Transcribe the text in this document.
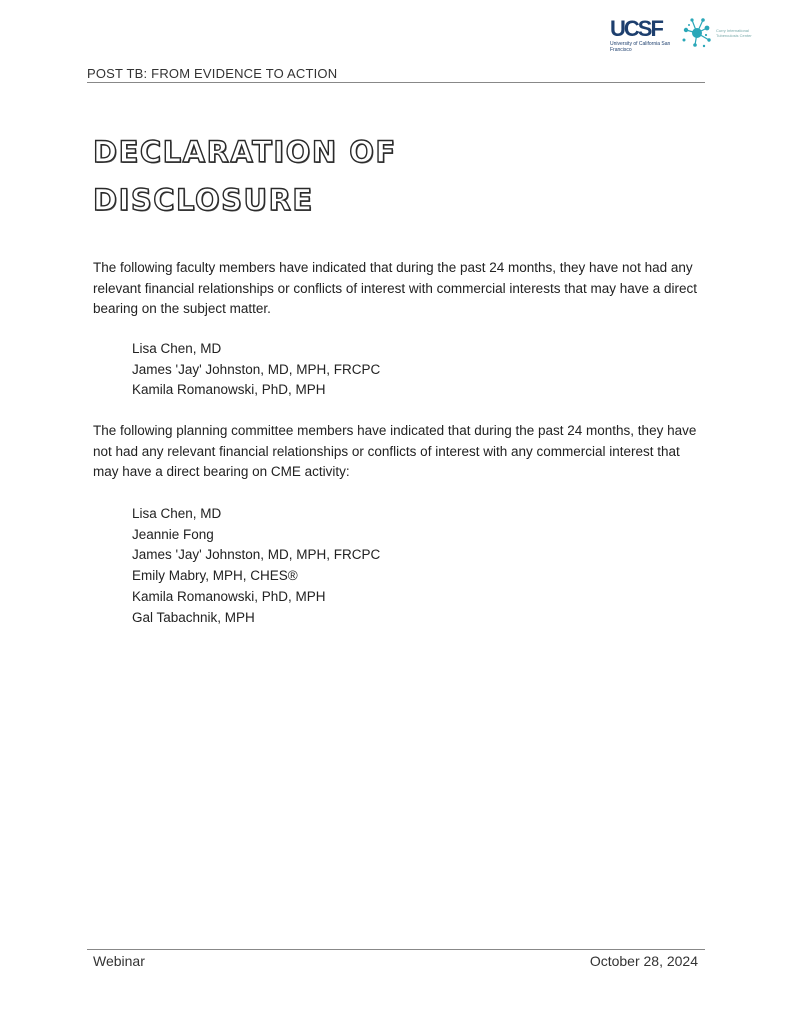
UCSF
University of California San Francisco
Curry International Tuberculosis Center
POST TB: FROM EVIDENCE TO ACTION
DECLARATION OF
DISCLOSURE

The following faculty members have indicated that during the past 24 months, they have not had any relevant financial relationships or conflicts of interest with commercial interests that may have a direct bearing on the subject matter.

Lisa Chen, MD
James 'Jay' Johnston, MD, MPH, FRCPC
Kamila Romanowski, PhD, MPH

The following planning committee members have indicated that during the past 24 months, they have not had any relevant financial relationships or conflicts of interest with any commercial interest that may have a direct bearing on CME activity:

Lisa Chen, MD
Jeannie Fong
James 'Jay' Johnston, MD, MPH, FRCPC
Emily Mabry, MPH, CHES®
Kamila Romanowski, PhD, MPH
Gal Tabachnik, MPH
Webinar	October 28, 2024
